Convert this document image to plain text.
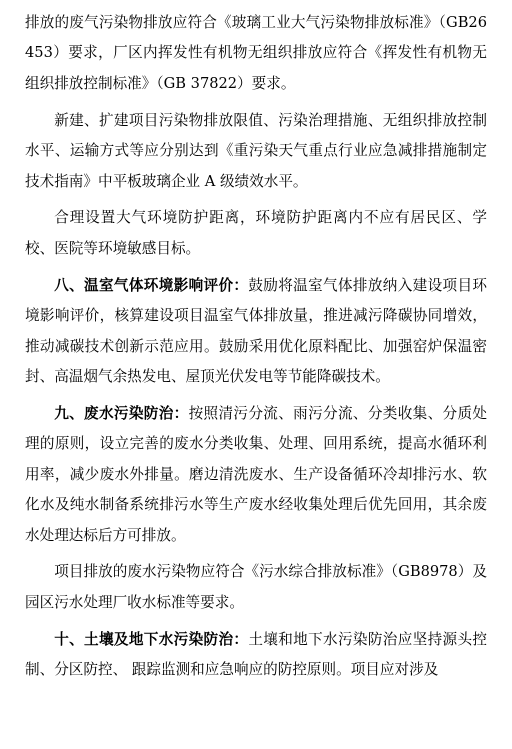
排放的废气污染物排放应符合《玻璃工业大气污染物排放标准》（GB26453）要求，厂区内挥发性有机物无组织排放应符合《挥发性有机物无组织排放控制标准》（GB 37822）要求。

新建、扩建项目污染物排放限值、污染治理措施、无组织排放控制水平、运输方式等应分别达到《重污染天气重点行业应急减排措施制定技术指南》中平板玻璃企业 A 级绩效水平。

合理设置大气环境防护距离，环境防护距离内不应有居民区、学校、医院等环境敏感目标。

八、温室气体环境影响评价：鼓励将温室气体排放纳入建设项目环境影响评价，核算建设项目温室气体排放量，推进减污降碳协同增效，推动减碳技术创新示范应用。鼓励采用优化原料配比、加强窑炉保温密封、高温烟气余热发电、屋顶光伏发电等节能降碳技术。

九、废水污染防治：按照清污分流、雨污分流、分类收集、分质处理的原则，设立完善的废水分类收集、处理、回用系统，提高水循环利用率，减少废水外排量。磨边清洗废水、生产设备循环冷却排污水、软化水及纯水制备系统排污水等生产废水经收集处理后优先回用，其余废水处理达标后方可排放。

项目排放的废水污染物应符合《污水综合排放标准》（GB8978）及园区污水处理厂收水标准等要求。

十、土壤及地下水污染防治：土壤和地下水污染防治应坚持源头控制、分区防控、 跟踪监测和应急响应的防控原则。项目应对涉及
